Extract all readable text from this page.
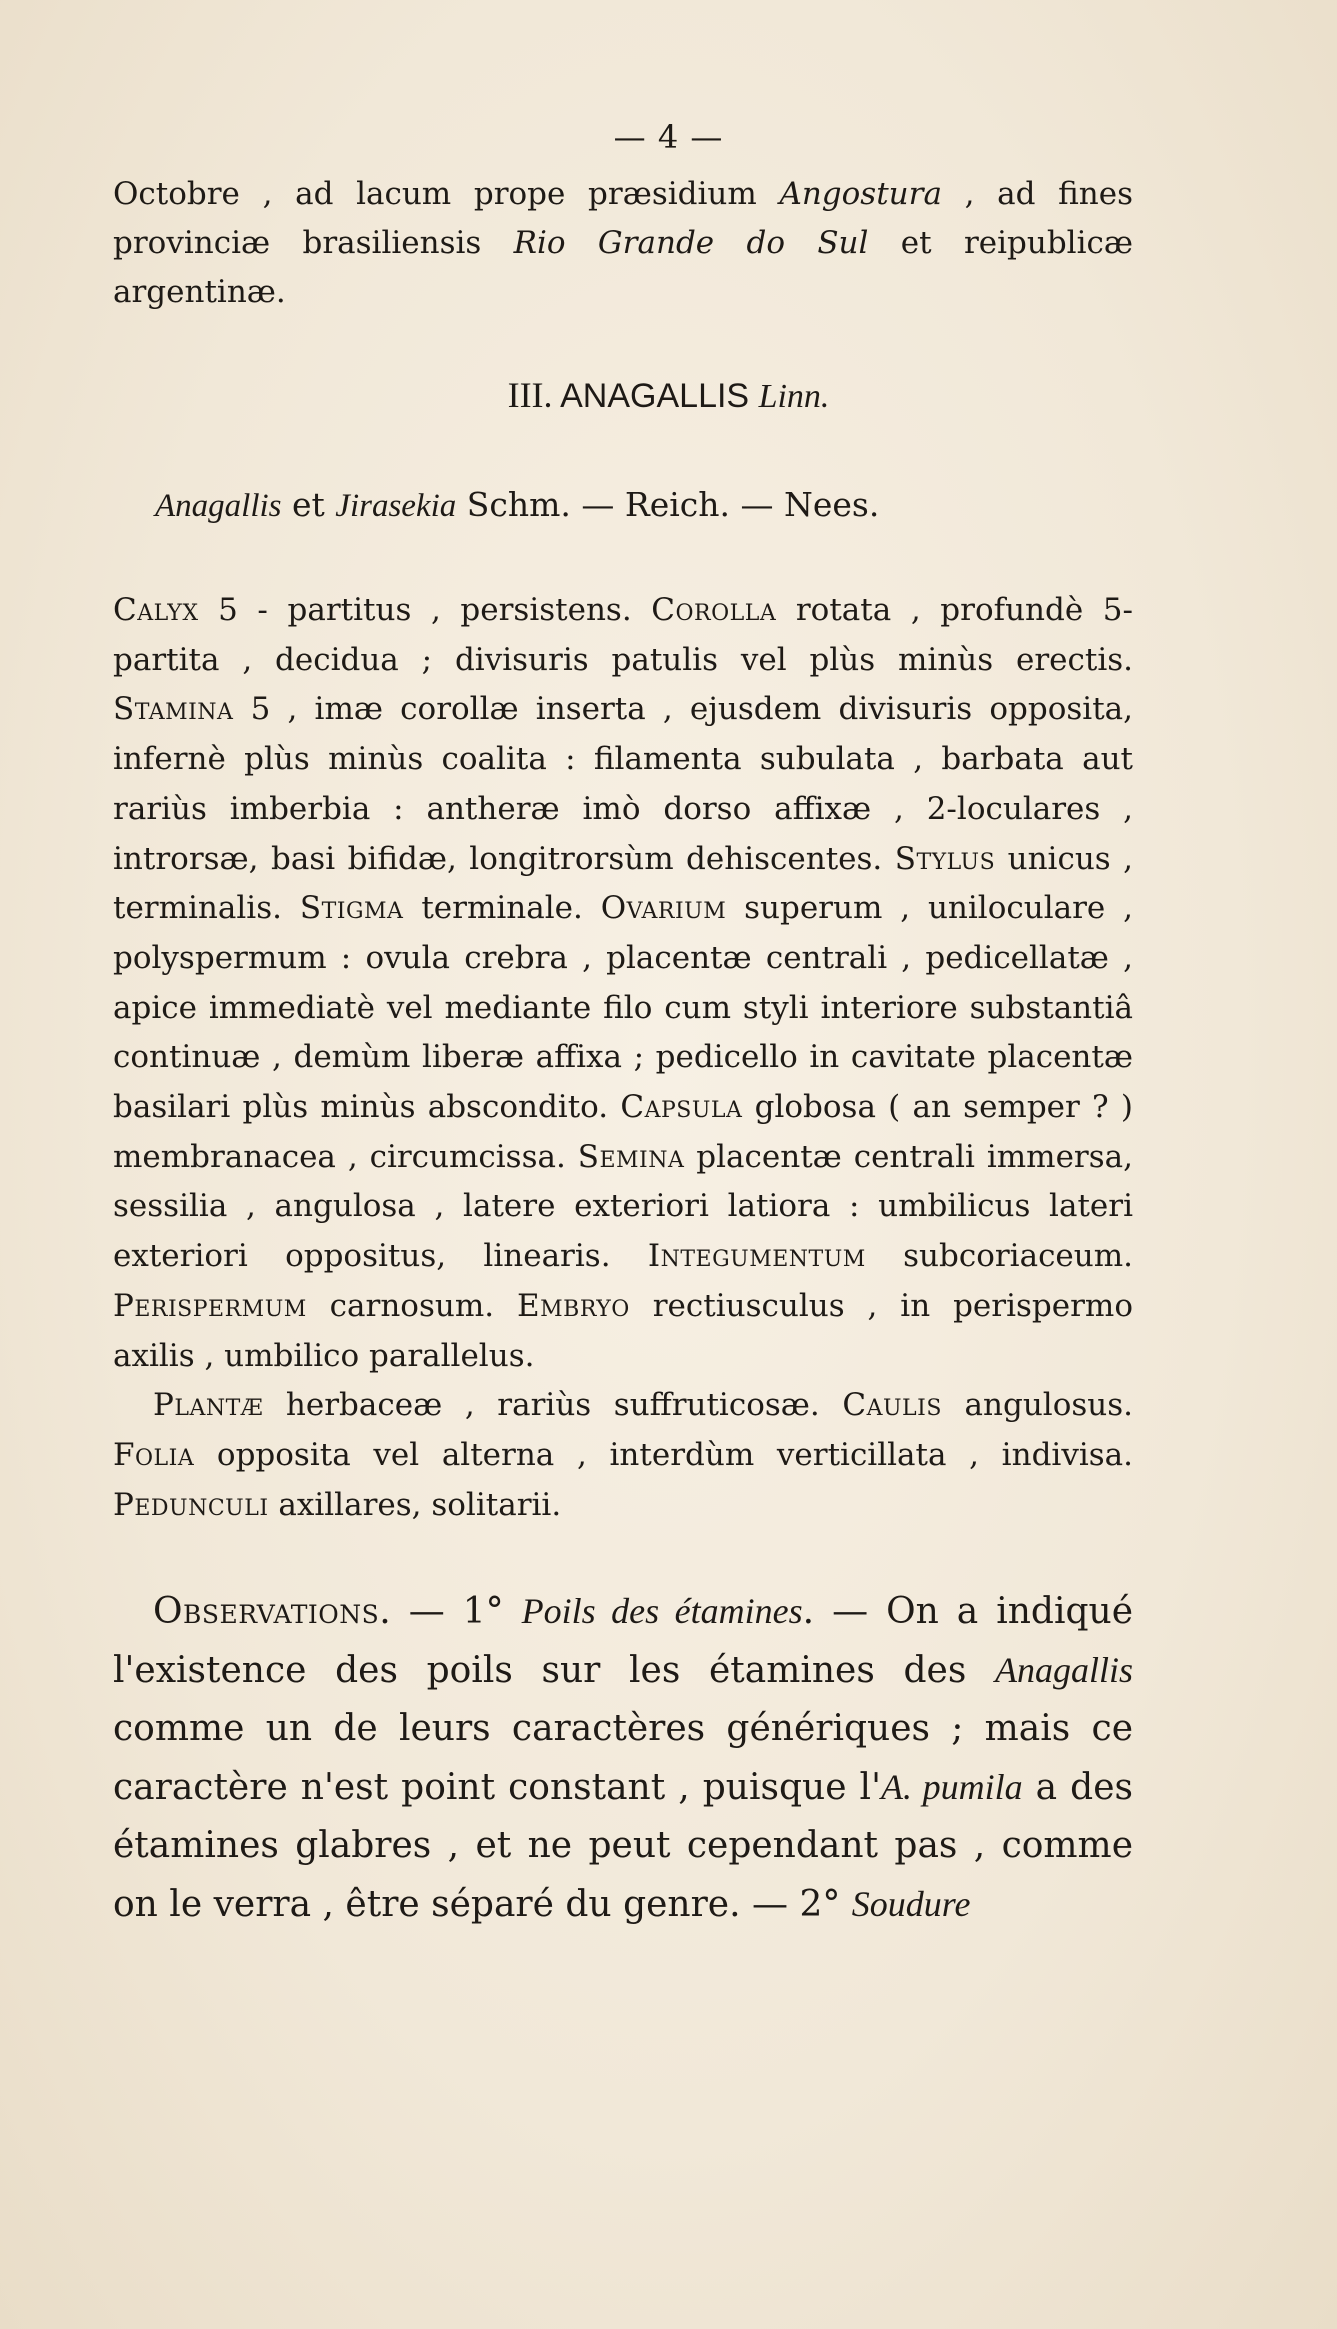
— 4 —

Octobre , ad lacum prope præsidium Angostura , ad fines provinciæ brasiliensis Rio Grande do Sul et reipublicæ argentinæ.

III. ANAGALLIS Linn.
Anagallis et Jirasekia Schm. — Reich. — Nees.

Calyx 5 - partitus , persistens. Corolla rotata , profundè 5-partita , decidua ; divisuris patulis vel plùs minùs erectis. Stamina 5 , imæ corollæ inserta , ejusdem divisuris opposita, infernè plùs minùs coalita : filamenta subulata , barbata aut rariùs imberbia : antheræ imò dorso affixæ , 2-loculares , introrsæ, basi bifidæ, longitrorsùm dehiscentes. Stylus unicus , terminalis. Stigma terminale. Ovarium superum , uniloculare , polyspermum : ovula crebra , placentæ centrali , pedicellatæ , apice immediatè vel mediante filo cum styli interiore substantiâ continuæ , demùm liberæ affixa ; pedicello in cavitate placentæ basilari plùs minùs abscondito. Capsula globosa ( an semper ? ) membranacea , circumcissa. Semina placentæ centrali immersa, sessilia , angulosa , latere exteriori latiora : umbilicus lateri exteriori oppositus, linearis. Integumentum subcoriaceum. Perispermum carnosum. Embryo rectiusculus , in perispermo axilis , umbilico parallelus.

Plantæ herbaceæ , rariùs suffruticosæ. Caulis angulosus. Folia opposita vel alterna , interdùm verticillata , indivisa. Pedunculi axillares, solitarii.

Observations. — 1° Poils des étamines. — On a indiqué l'existence des poils sur les étamines des Anagallis comme un de leurs caractères génériques ; mais ce caractère n'est point constant , puisque l'A. pumila a des étamines glabres , et ne peut cependant pas , comme on le verra , être séparé du genre. — 2° Soudure
